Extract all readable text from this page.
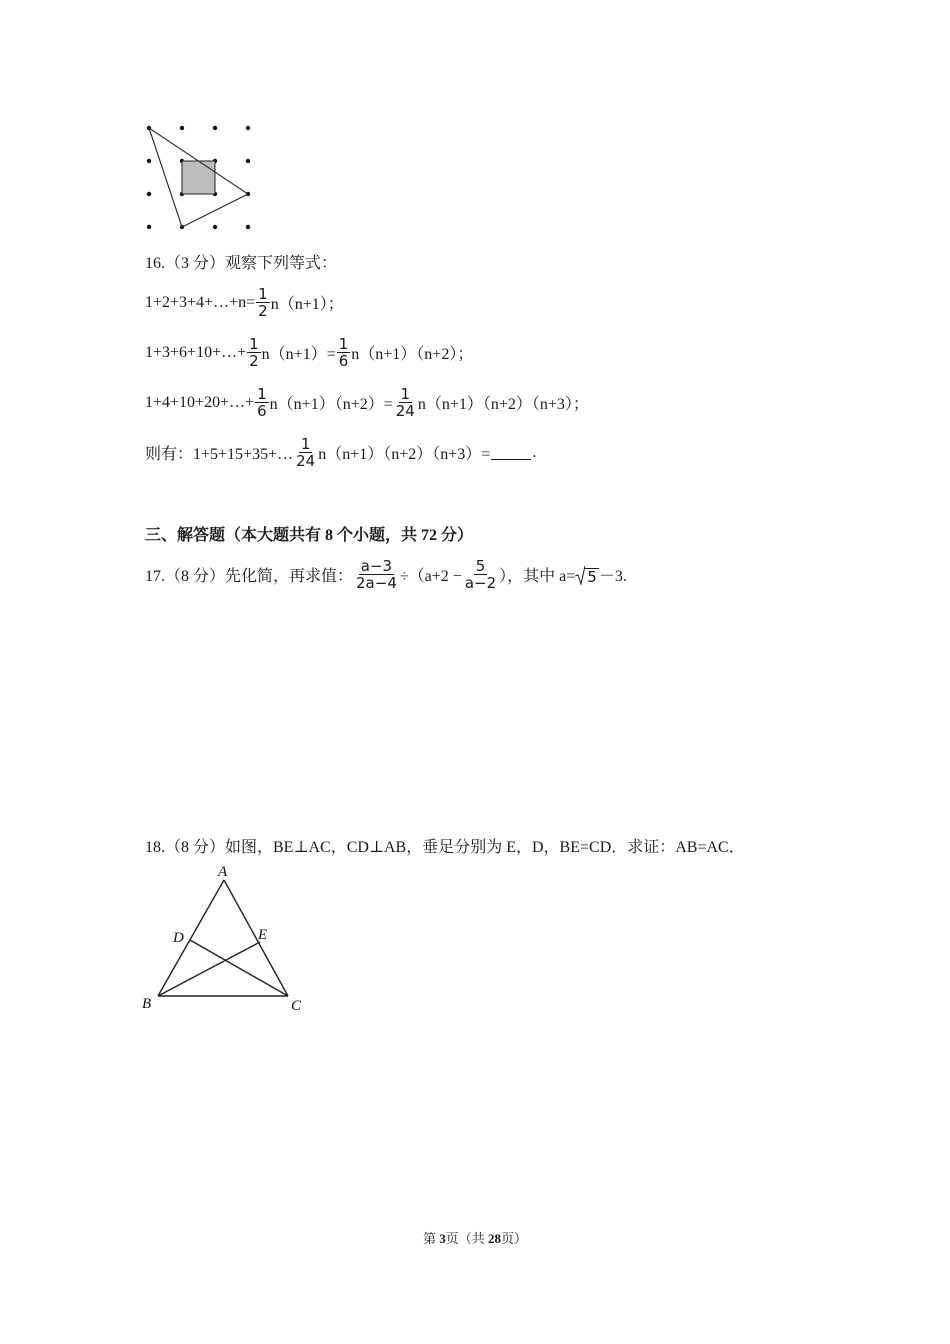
16.（3 分）观察下列等式：
1+2+3+4+…+n= $\frac{1}{2} n(n+1)$；
1+3+6+10+…+ $\frac{1}{2} n(n+1)= \frac{1}{6} n(n+1)(n+2)$；
1+4+10+20+…+ $\frac{1}{6} n(n+1)(n+2)= \frac{1}{24} n(n+1)(n+2)(n+3)$；
则有：1+5+15+35+… $\frac{1}{24} n(n+1)(n+2)(n+3)=$	.
三、解答题（本大题共有 8 个小题，共 72 分）
17.（8 分）先化简，再求值： $\frac{a-3}{2a-4} \div(a+2 - \frac{5}{a-2}$ ），其中 a= 5 －3.
18.（8 分）如图，BE⊥AC，CD⊥AB，垂足分别为 E，D，BE=CD．求证：AB=AC．
A
B	C
D	E
第 3页（共 28页）
